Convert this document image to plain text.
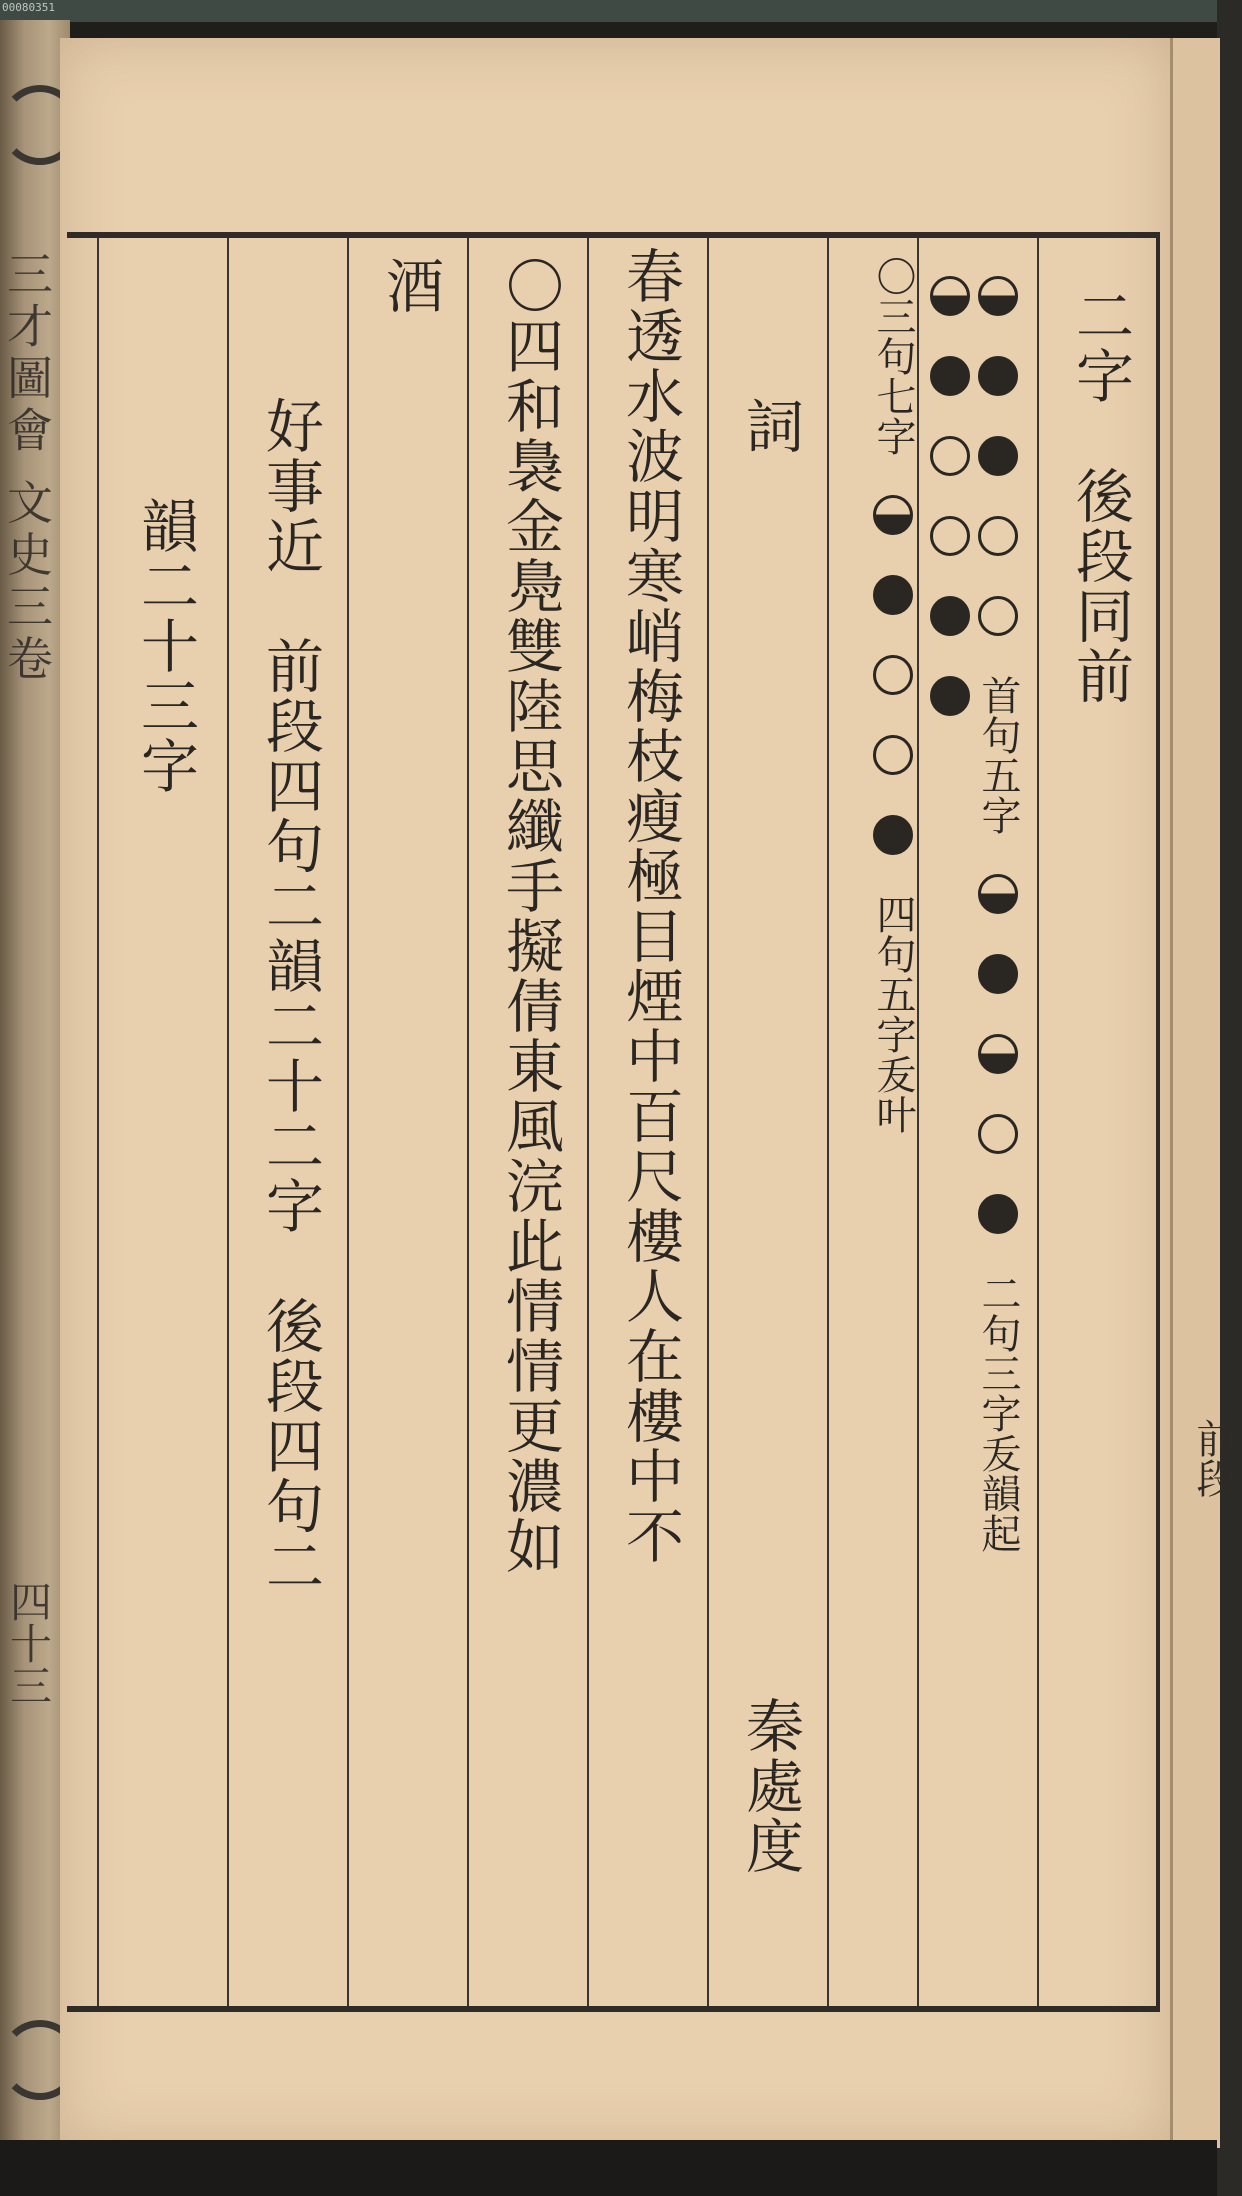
00080351
三才圖會 文史三卷
四十三
前段
二字　後段同前
首句五字  二句三字叐韻起
〇三句七字  四句五字叐叶
詞  秦處度
春透水波明寒峭梅枝瘦極目煙中百尺樓人在樓中不
〇四和裊金鳧雙陸思纖手擬倩東風浣此情情更濃如
酒
好事近　前段四句二韻二十二字　後段四句二
韻二十三字
